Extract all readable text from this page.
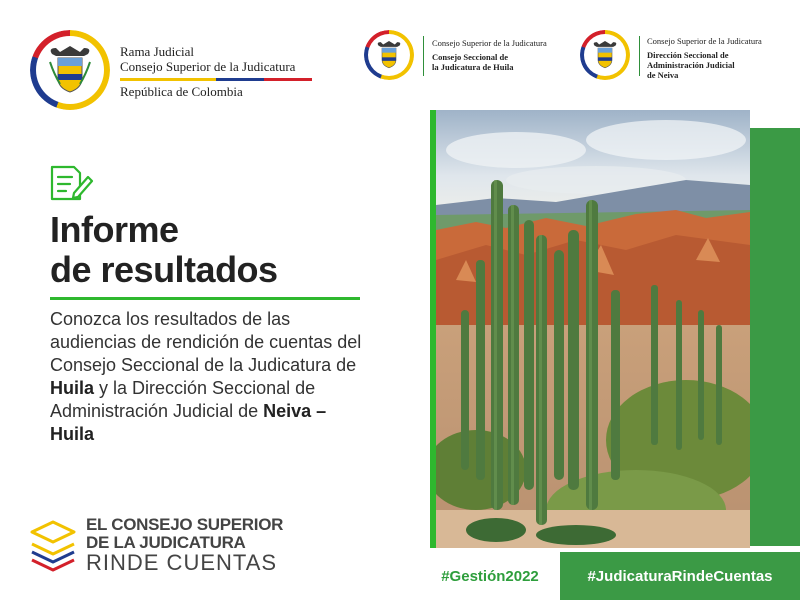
Rama Judicial
Consejo Superior de la Judicatura
República de Colombia
Consejo Superior de la Judicatura
Consejo Seccional de
la Judicatura de Huila
Consejo Superior de la Judicatura
Dirección Seccional de
Administración Judicial
de Neiva
Informe
de resultados
Conozca los resultados de las audiencias de rendición de cuentas del Consejo Seccional de la Judicatura de Huila y la Dirección Seccional de Administración Judicial de Neiva – Huila
EL CONSEJO SUPERIOR
DE LA JUDICATURA
RINDE CUENTAS
#Gestión2022	#JudicaturaRindeCuentas
